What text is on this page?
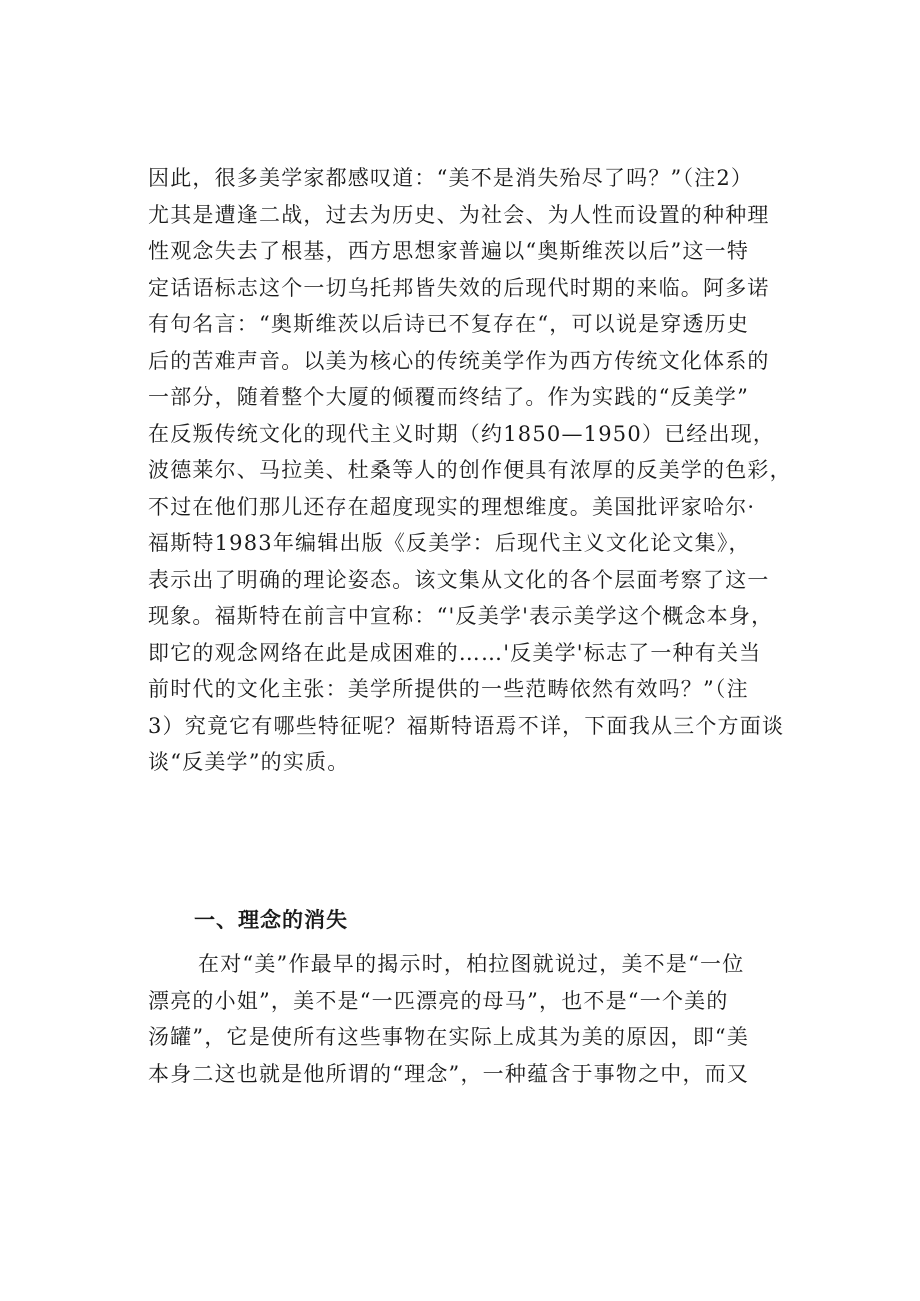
因此，很多美学家都感叹道：“美不是消失殆尽了吗？”（注2）
尤其是遭逢二战，过去为历史、为社会、为人性而设置的种种理
性观念失去了根基，西方思想家普遍以“奥斯维茨以后”这一特
定话语标志这个一切乌托邦皆失效的后现代时期的来临。阿多诺
有句名言：“奥斯维茨以后诗已不复存在“，可以说是穿透历史
后的苦难声音。以美为核心的传统美学作为西方传统文化体系的
一部分，随着整个大厦的倾覆而终结了。作为实践的“反美学”
在反叛传统文化的现代主义时期（约1850—1950）已经出现，
波德莱尔、马拉美、杜桑等人的创作便具有浓厚的反美学的色彩，
不过在他们那儿还存在超度现实的理想维度。美国批评家哈尔·
福斯特1983年编辑出版《反美学：后现代主义文化论文集》，
表示出了明确的理论姿态。该文集从文化的各个层面考察了这一
现象。福斯特在前言中宣称：“'反美学'表示美学这个概念本身，
即它的观念网络在此是成困难的……'反美学'标志了一种有关当
前时代的文化主张：美学所提供的一些范畴依然有效吗？”（注
3）究竟它有哪些特征呢？福斯特语焉不详，下面我从三个方面谈
谈“反美学”的实质。
一、理念的消失
在对“美”作最早的揭示时，柏拉图就说过，美不是“一位
漂亮的小姐”，美不是“一匹漂亮的母马”，也不是“一个美的
汤罐”，它是使所有这些事物在实际上成其为美的原因，即“美
本身二这也就是他所谓的“理念”，一种蕴含于事物之中，而又
